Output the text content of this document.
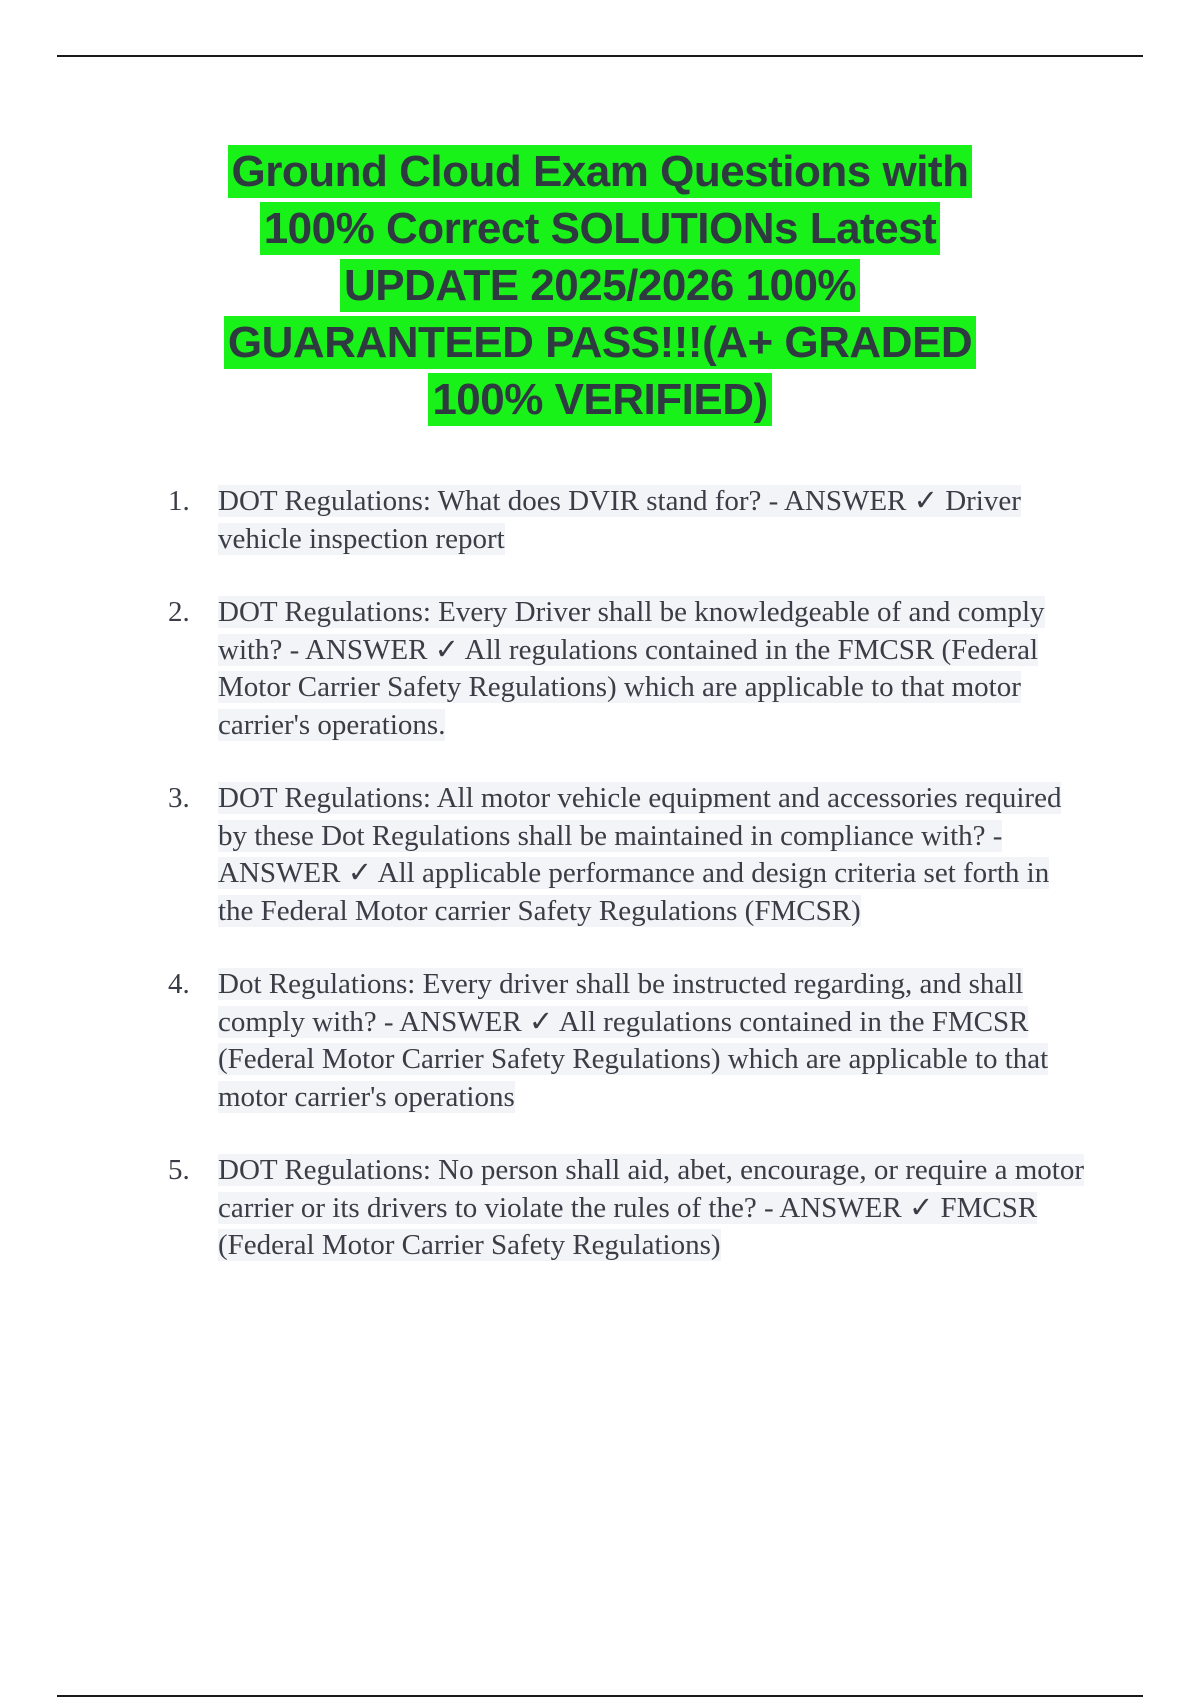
Ground Cloud Exam Questions with
100% Correct SOLUTIONs Latest
UPDATE 2025/2026 100%
GUARANTEED PASS!!!(A+ GRADED
100% VERIFIED)
1. DOT Regulations: What does DVIR stand for? - ANSWER ✓ Driver vehicle inspection report
2. DOT Regulations: Every Driver shall be knowledgeable of and comply with? - ANSWER ✓ All regulations contained in the FMCSR (Federal Motor Carrier Safety Regulations) which are applicable to that motor carrier's operations.
3. DOT Regulations: All motor vehicle equipment and accessories required by these Dot Regulations shall be maintained in compliance with? - ANSWER ✓ All applicable performance and design criteria set forth in the Federal Motor carrier Safety Regulations (FMCSR)
4. Dot Regulations: Every driver shall be instructed regarding, and shall comply with? - ANSWER ✓ All regulations contained in the FMCSR (Federal Motor Carrier Safety Regulations) which are applicable to that motor carrier's operations
5. DOT Regulations: No person shall aid, abet, encourage, or require a motor carrier or its drivers to violate the rules of the? - ANSWER ✓ FMCSR (Federal Motor Carrier Safety Regulations)
